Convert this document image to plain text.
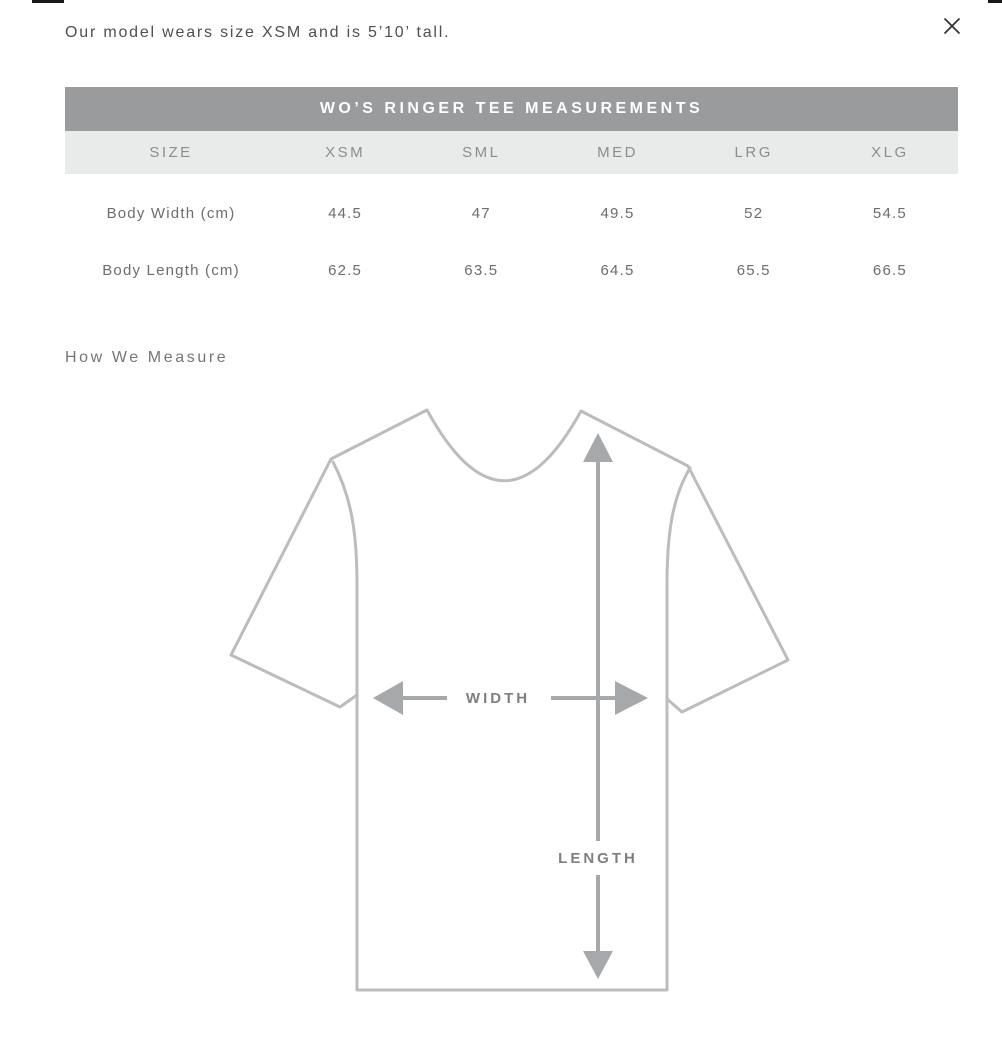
Our model wears size XSM and is 5’10’ tall.
WO’S RINGER TEE MEASUREMENTS
SIZE	XSM	SML	MED	LRG	XLG
Body Width (cm)	44.5	47	49.5	52	54.5
Body Length (cm)	62.5	63.5	64.5	65.5	66.5
How We Measure
WIDTH
LENGTH
